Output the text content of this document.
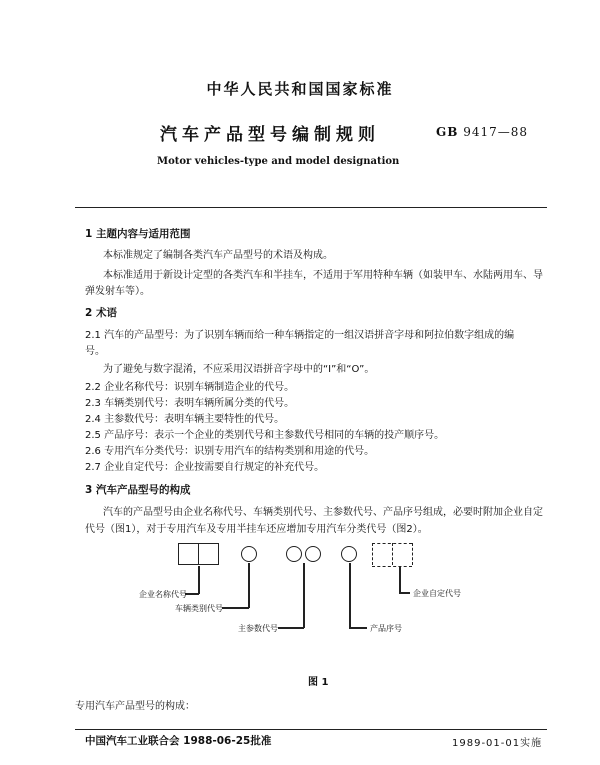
中华人民共和国国家标准
汽车产品型号编制规则	GB 9417—88
Motor vehicles-type and model designation
1 主题内容与适用范围
本标准规定了编制各类汽车产品型号的术语及构成。
本标准适用于新设计定型的各类汽车和半挂车，不适用于军用特种车辆（如装甲车、水陆两用车、导
弹发射车等）。
2 术语
2.1 汽车的产品型号：为了识别车辆而给一种车辆指定的一组汉语拼音字母和阿拉伯数字组成的编
号。
为了避免与数字混淆，不应采用汉语拼音字母中的“I”和“O”。
2.2 企业名称代号：识别车辆制造企业的代号。
2.3 车辆类别代号：表明车辆所属分类的代号。
2.4 主参数代号：表明车辆主要特性的代号。
2.5 产品序号：表示一个企业的类别代号和主参数代号相同的车辆的投产顺序号。
2.6 专用汽车分类代号：识别专用汽车的结构类别和用途的代号。
2.7 企业自定代号：企业按需要自行规定的补充代号。
3 汽车产品型号的构成
汽车的产品型号由企业名称代号、车辆类别代号、主参数代号、产品序号组成，必要时附加企业自定
代号（图1），对于专用汽车及专用半挂车还应增加专用汽车分类代号（图2）。
企业名称代号
车辆类别代号
主参数代号	产品序号
企业自定代号
图 1
专用汽车产品型号的构成：
中国汽车工业联合会 1988-06-25批准	1989-01-01实施
